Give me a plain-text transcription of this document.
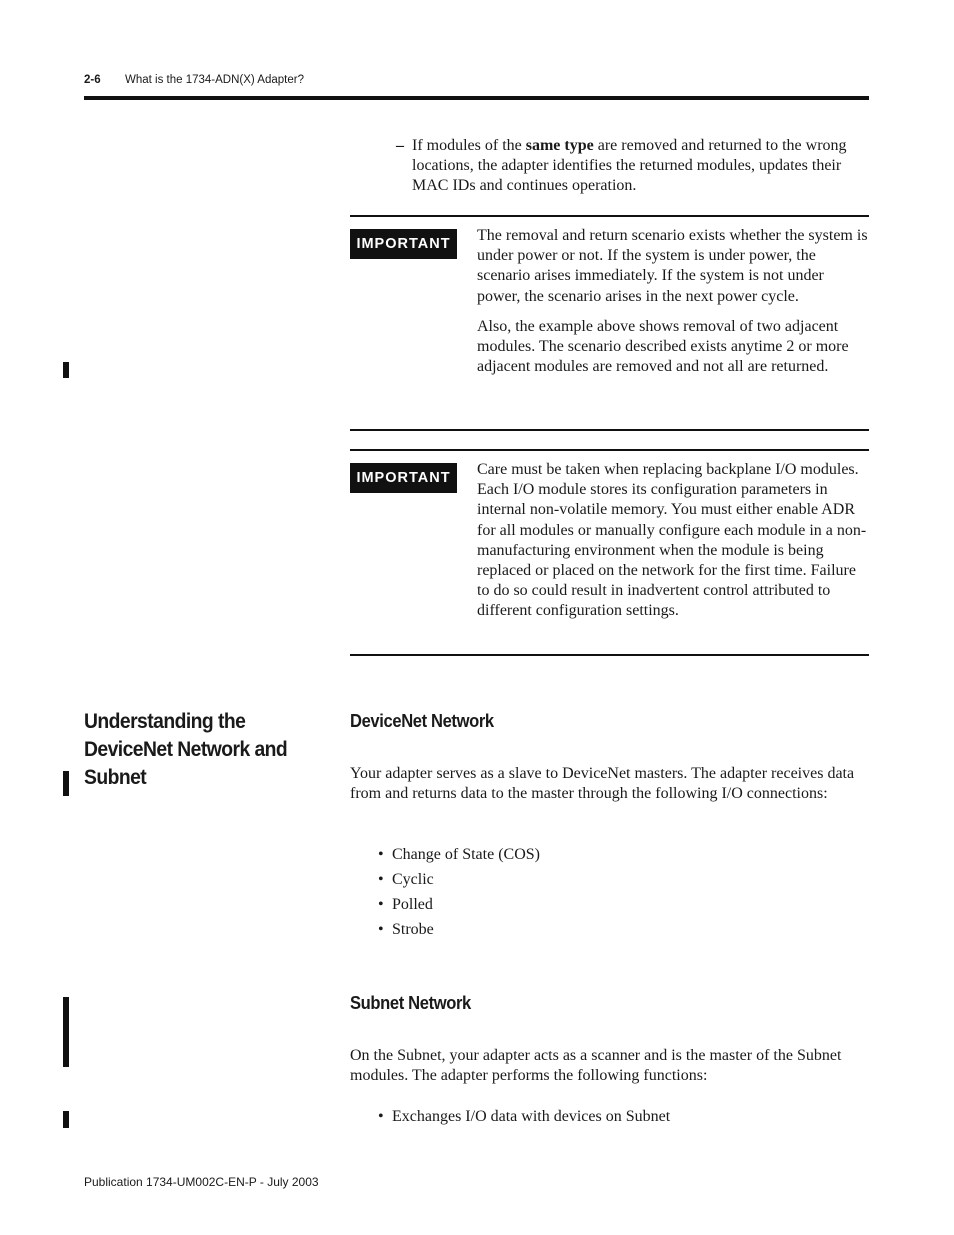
2-6 What is the 1734-ADN(X) Adapter?
– If modules of the same type are removed and returned to the wrong locations, the adapter identifies the returned modules, updates their MAC IDs and continues operation.
IMPORTANT	The removal and return scenario exists whether the system is under power or not. If the system is under power, the scenario arises immediately. If the system is not under power, the scenario arises in the next power cycle.

Also, the example above shows removal of two adjacent modules. The scenario described exists anytime 2 or more adjacent modules are removed and not all are returned.

IMPORTANT	Care must be taken when replacing backplane I/O modules. Each I/O module stores its configuration parameters in internal non-volatile memory. You must either enable ADR for all modules or manually configure each module in a non-manufacturing environment when the module is being replaced or placed on the network for the first time. Failure to do so could result in inadvertent control attributed to different configuration settings.

Understanding the DeviceNet Network and Subnet
DeviceNet Network

Your adapter serves as a slave to DeviceNet masters. The adapter receives data from and returns data to the master through the following I/O connections:

• Change of State (COS)
• Cyclic
• Polled
• Strobe
Subnet Network

On the Subnet, your adapter acts as a scanner and is the master of the Subnet modules. The adapter performs the following functions:

• Exchanges I/O data with devices on Subnet
Publication 1734-UM002C-EN-P - July 2003
